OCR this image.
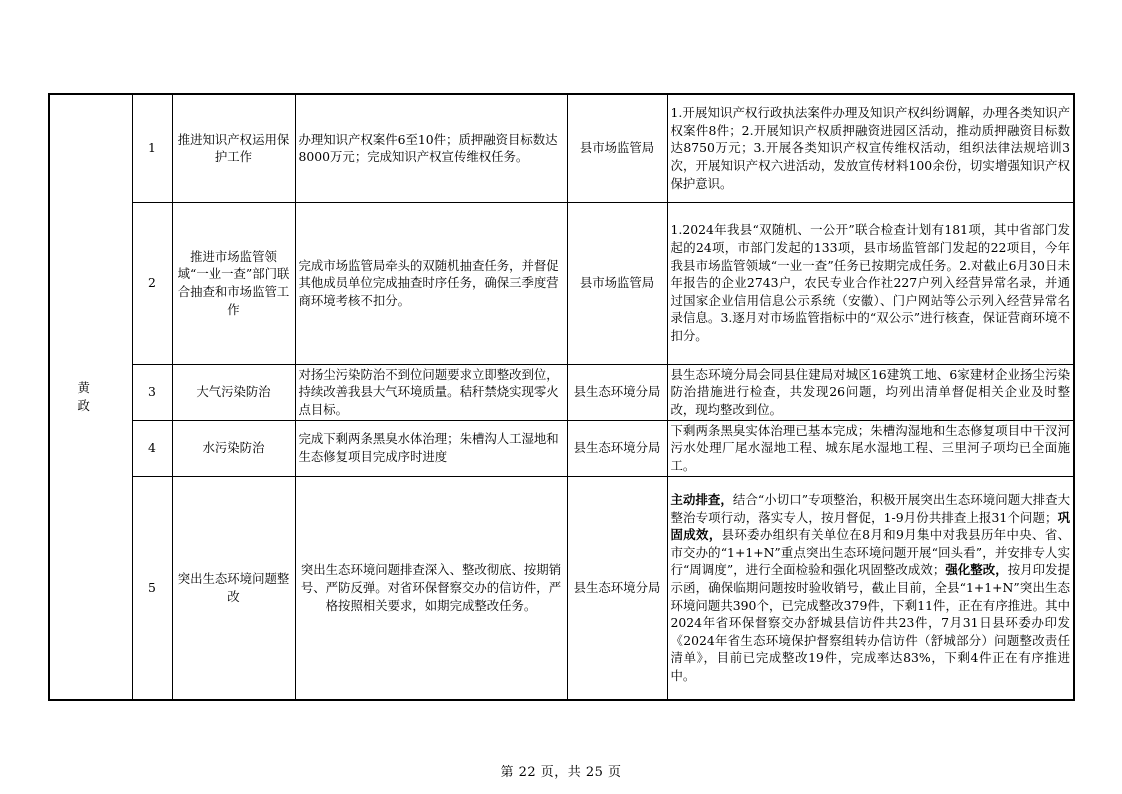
黄　政	1	推进知识产权运用保护工作	办理知识产权案件6至10件；质押融资目标数达8000万元；完成知识产权宣传维权任务。	县市场监管局	1.开展知识产权行政执法案件办理及知识产权纠纷调解，办理各类知识产权案件8件；2.开展知识产权质押融资进园区活动，推动质押融资目标数达8750万元；3.开展各类知识产权宣传维权活动，组织法律法规培训3次，开展知识产权六进活动，发放宣传材料100余份，切实增强知识产权保护意识。
	2	推进市场监管领域“一业一查”部门联合抽查和市场监管工作	完成市场监管局牵头的双随机抽查任务，并督促其他成员单位完成抽查时序任务，确保三季度营商环境考核不扣分。	县市场监管局	1.2024年我县“双随机、一公开”联合检查计划有181项，其中省部门发起的24项，市部门发起的133项，县市场监管部门发起的22项目，今年我县市场监管领域“一业一查”任务已按期完成任务。2.对截止6月30日未年报告的企业2743户，农民专业合作社227户列入经营异常名录，并通过国家企业信用信息公示系统（安徽）、门户网站等公示列入经营异常名录信息。3.逐月对市场监管指标中的“双公示”进行核查，保证营商环境不扣分。
	3	大气污染防治	对扬尘污染防治不到位问题要求立即整改到位，持续改善我县大气环境质量。秸秆禁烧实现零火点目标。	县生态环境分局	县生态环境分局会同县住建局对城区16建筑工地、6家建材企业扬尘污染防治措施进行检查，共发现26问题，均列出清单督促相关企业及时整改，现均整改到位。
	4	水污染防治	完成下剩两条黑臭水体治理；朱槽沟人工湿地和生态修复项目完成序时进度	县生态环境分局	下剩两条黑臭实体治理已基本完成；朱槽沟湿地和生态修复项目中干汊河污水处理厂尾水湿地工程、城东尾水湿地工程、三里河子项均已全面施工。
	5	突出生态环境问题整改	突出生态环境问题排查深入、整改彻底、按期销号、严防反弹。对省环保督察交办的信访件，严格按照相关要求，如期完成整改任务。	县生态环境分局	主动排查，结合“小切口”专项整治，积极开展突出生态环境问题大排查大整治专项行动，落实专人，按月督促，1-9月份共排查上报31个问题；巩固成效，县环委办组织有关单位在8月和9月集中对我县历年中央、省、市交办的“1+1+N”重点突出生态环境问题开展“回头看”，并安排专人实行“周调度”，进行全面检验和强化巩固整改成效；强化整改，按月印发提示函，确保临期问题按时验收销号，截止目前，全县“1+1+N”突出生态环境问题共390个，已完成整改379件，下剩11件，正在有序推进。其中2024年省环保督察交办舒城县信访件共23件，7月31日县环委办印发《2024年省生态环境保护督察组转办信访件（舒城部分）问题整改责任清单》，目前已完成整改19件，完成率达83%，下剩4件正在有序推进中。
第 22 页，共 25 页
